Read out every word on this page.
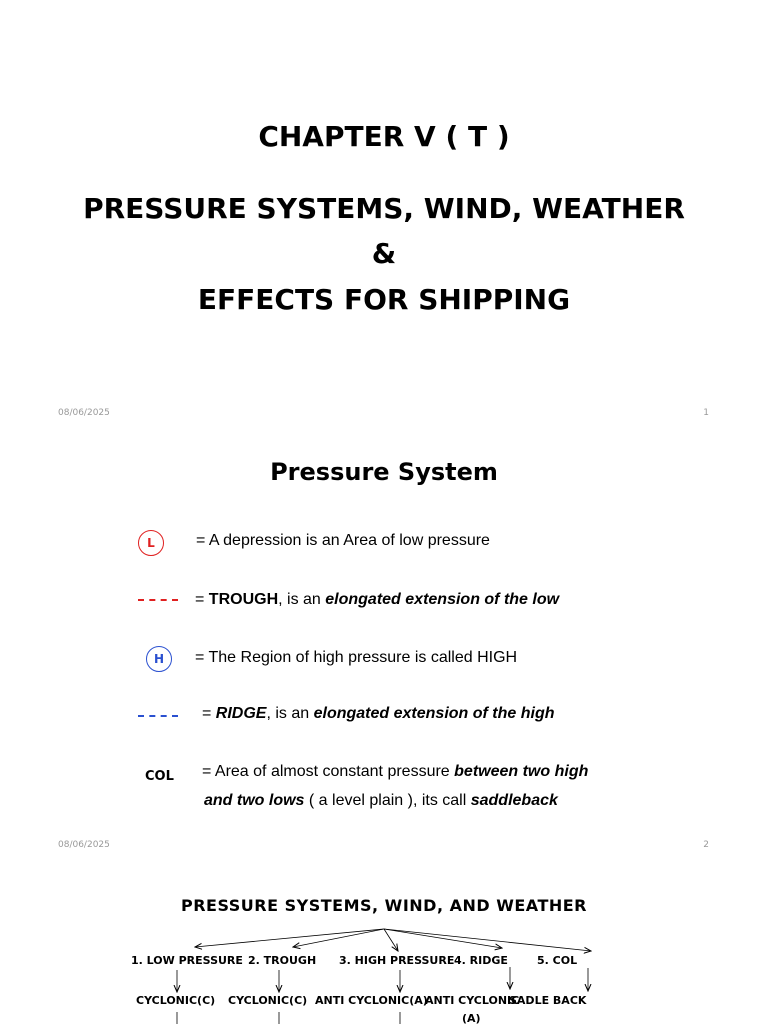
CHAPTER V ( T )
PRESSURE SYSTEMS, WIND, WEATHER
&
EFFECTS FOR SHIPPING
08/06/2025	1
Pressure System
L	= A depression is an Area of low pressure
= TROUGH, is an elongated extension of the low
H	= The Region of high pressure is called HIGH
= RIDGE, is an elongated extension of the high
COL = Area of almost constant pressure between two high
and two lows ( a level plain ), its call saddleback
08/06/2025	2
PRESSURE SYSTEMS, WIND, AND WEATHER
1. LOW PRESSURE 2. TROUGH 3. HIGH PRESSURE 4. RIDGE	5. COL
CYCLONIC(C) CYCLONIC(C) ANTI CYCLONIC(A)
ANTI CYCLONIC
SADLE BACK
(A)
